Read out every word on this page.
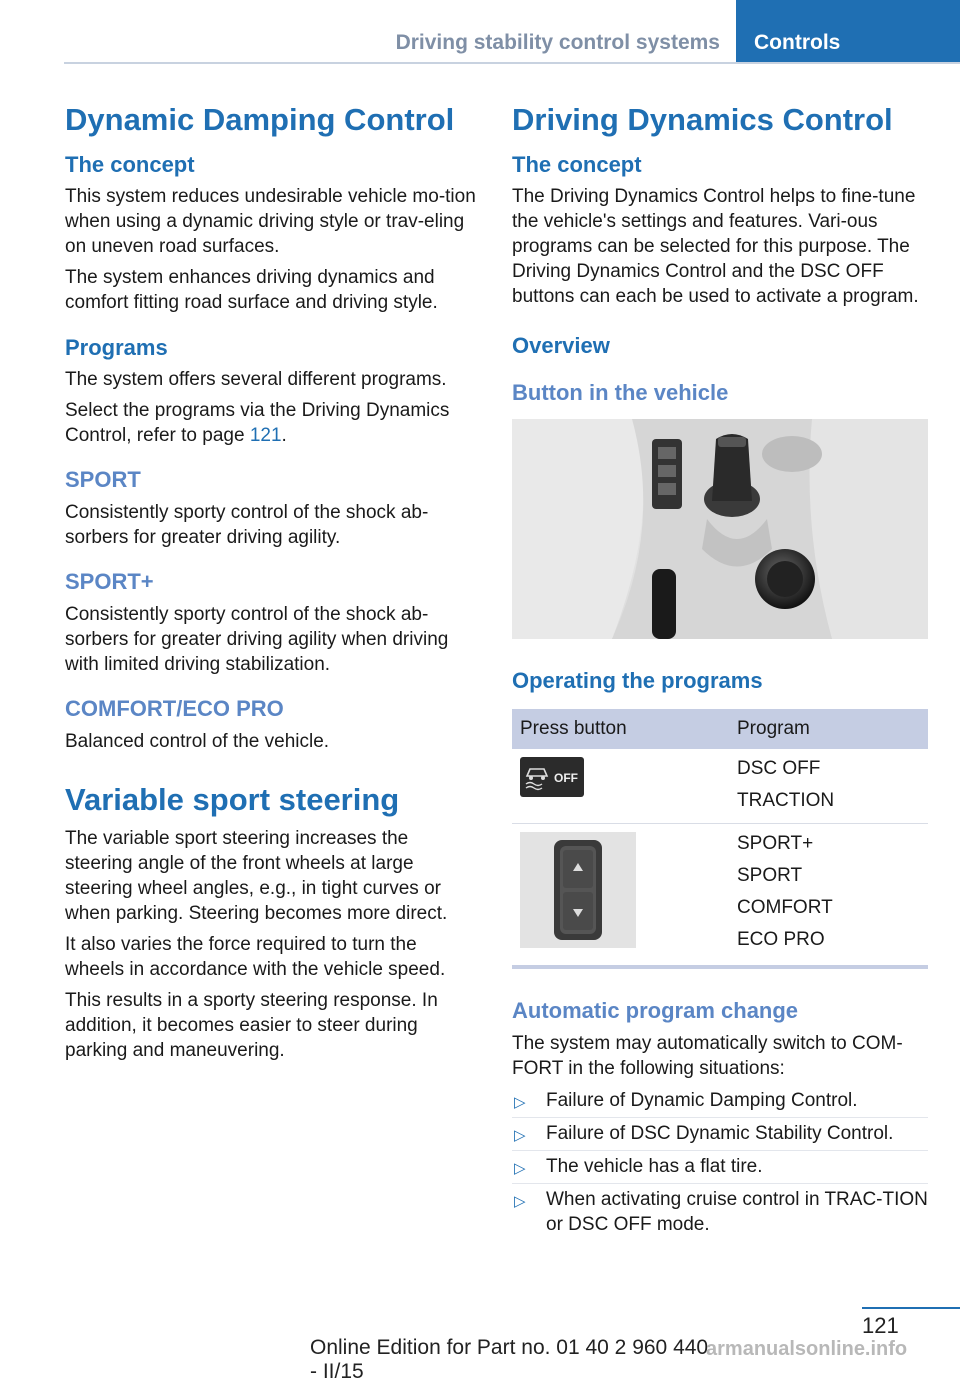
Driving stability control systems	Controls
Dynamic Damping Control
The concept

This system reduces undesirable vehicle mo‐tion when using a dynamic driving style or trav‐eling on uneven road surfaces.

The system enhances driving dynamics and comfort fitting road surface and driving style.

Programs

The system offers several different programs.

Select the programs via the Driving Dynamics Control, refer to page 121.

SPORT

Consistently sporty control of the shock ab‐sorbers for greater driving agility.

SPORT+

Consistently sporty control of the shock ab‐sorbers for greater driving agility when driving with limited driving stabilization.

COMFORT/ECO PRO

Balanced control of the vehicle.

Variable sport steering

The variable sport steering increases the steering angle of the front wheels at large steering wheel angles, e.g., in tight curves or when parking. Steering becomes more direct.

It also varies the force required to turn the wheels in accordance with the vehicle speed.

This results in a sporty steering response. In addition, it becomes easier to steer during parking and maneuvering.

Driving Dynamics Control
The concept

The Driving Dynamics Control helps to fine‐tune the vehicle's settings and features. Vari‐ous programs can be selected for this purpose. The Driving Dynamics Control and the DSC OFF buttons can each be used to activate a program.

Overview
Button in the vehicle
Operating the programs
Press button	Program

OFF	DSC OFF
TRACTION

SPORT+
SPORT
COMFORT
ECO PRO
Automatic program change

The system may automatically switch to COM‐FORT in the following situations:

▷ Failure of Dynamic Damping Control.
▷ Failure of DSC Dynamic Stability Control.
▷ The vehicle has a flat tire.
▷ When activating cruise control in TRAC‐TION or DSC OFF mode.
121
Online Edition for Part no. 01 40 2 960 440 - II/15
armanualsonline.info
